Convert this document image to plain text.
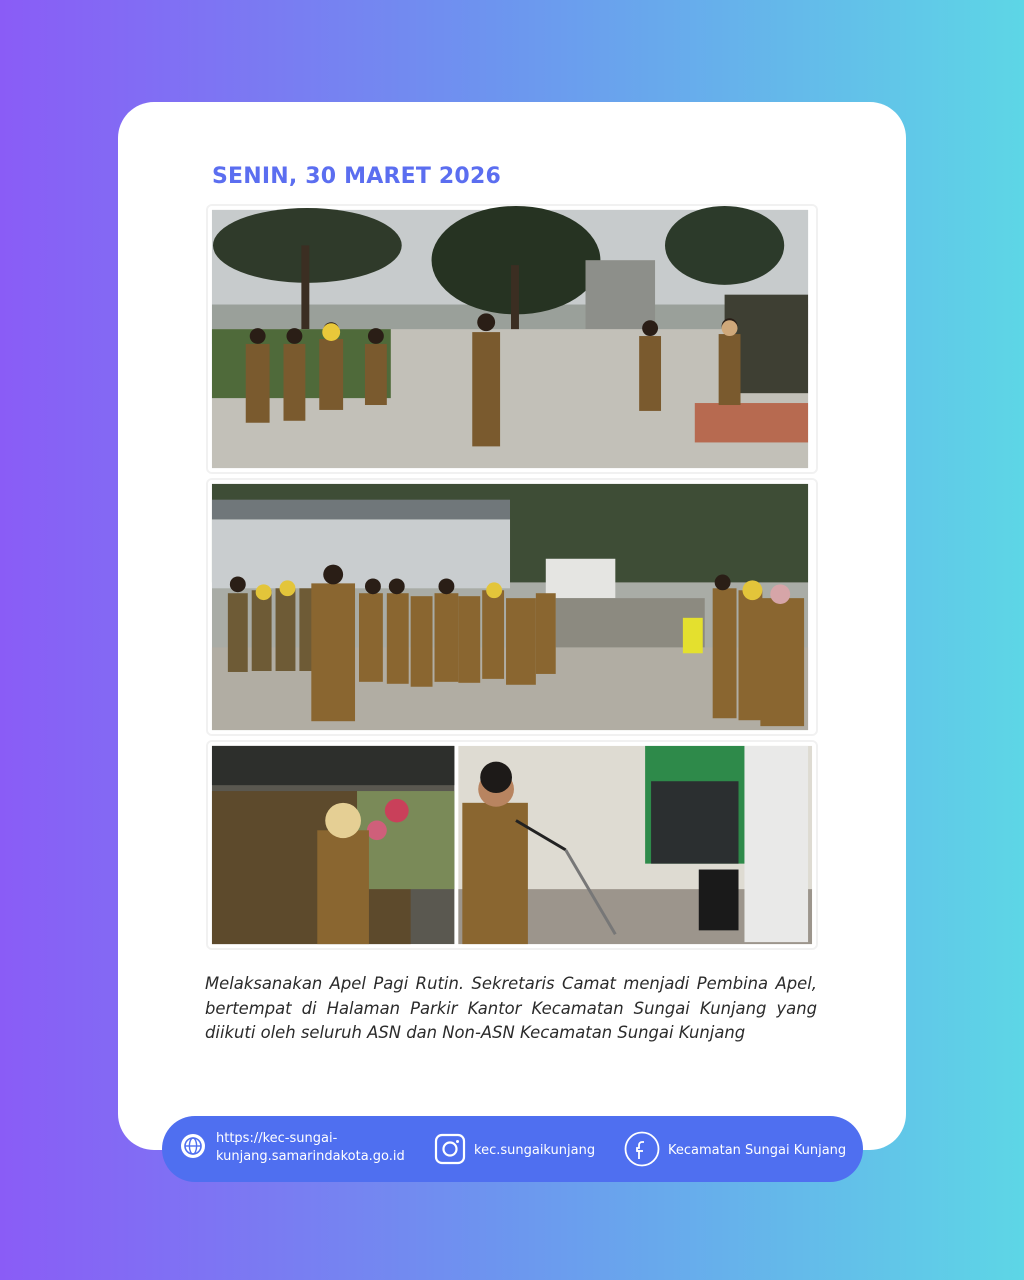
SENIN, 30 MARET 2026

Melaksanakan Apel Pagi Rutin. Sekretaris Camat menjadi Pembina Apel, bertempat di Halaman Parkir Kantor Kecamatan Sungai Kunjang yang diikuti oleh seluruh ASN dan Non-ASN Kecamatan Sungai Kunjang

https://kec-sungai-kunjang.samarindakota.go.id	kec.sungaikunjang	Kecamatan Sungai Kunjang
